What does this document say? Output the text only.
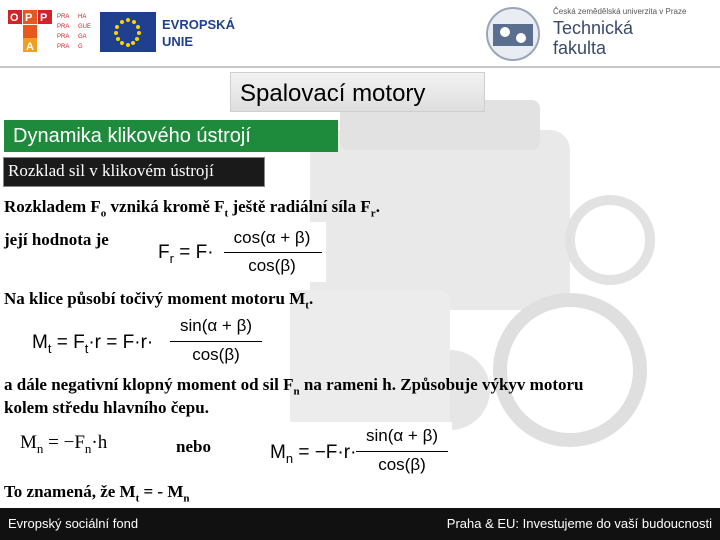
O P P
A
PRA HA
PRA GUE
PRA GA
PRA G
EVROPSKÁ
UNIE
Česká zemědělská univerzita v Praze
Technická
fakulta
Spalovací motory
Dynamika klikového ústrojí
Rozklad sil v klikovém ústrojí
Rozkladem $F_o$ vzniká kromě $F_t$ ještě radiální síla $F_r$.
její hodnota je
$F_r = F\cdot$
cos(α + β)
cos(β)
Na klice působí točivý moment motoru $M_t$.
$M_t = F_t\cdot r = F\cdot r\cdot$
sin(α + β)
cos(β)
a dále negativní klopný moment od sil $F_n$ na rameni h. Způsobuje výkyv motoru
kolem středu hlavního čepu.
$M_n = -F_n\cdot h$	nebo	$M_n = -F\cdot r\cdot$
sin(α + β)
cos(β)
To znamená, že $M_t$ = - $M_n$
Evropský sociální fond	Praha & EU: Investujeme do vaší budoucnosti
